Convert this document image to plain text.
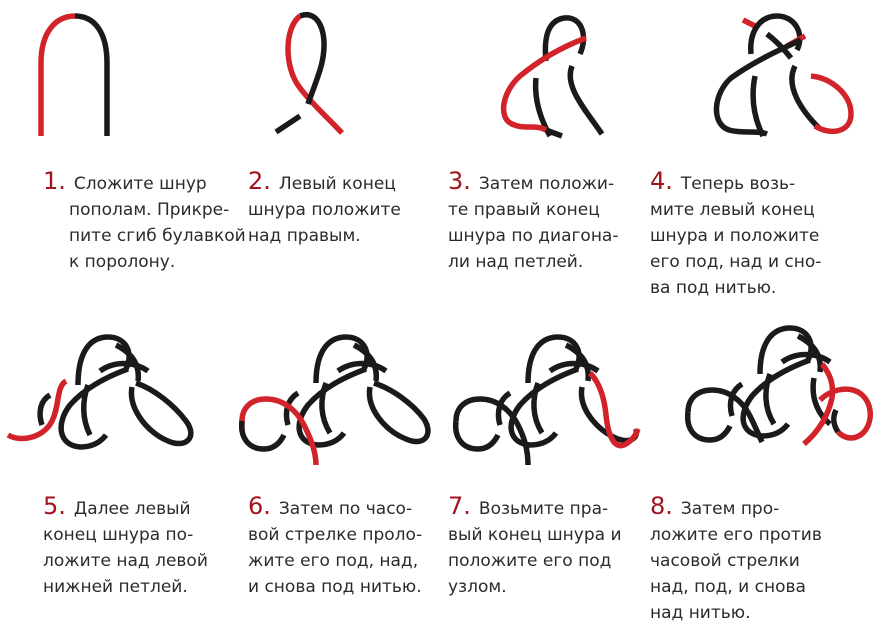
1. Сложите шнур
пополам. Прикре-
пите сгиб булавкой
к поролону.
2. Левый конец
шнура положите
над правым.
3. Затем положи-
те правый конец
шнура по диагона-
ли над петлей.
4. Теперь возь-
мите левый конец
шнура и положите
его под, над и сно-
ва под нитью.
5. Далее левый
конец шнура по-
ложите над левой
нижней петлей.
6. Затем по часо-
вой стрелке проло-
жите его под, над,
и снова под нитью.
7. Возьмите пра-
вый конец шнура и
положите его под
узлом.
8. Затем про-
ложите его против
часовой стрелки
над, под, и снова
над нитью.
